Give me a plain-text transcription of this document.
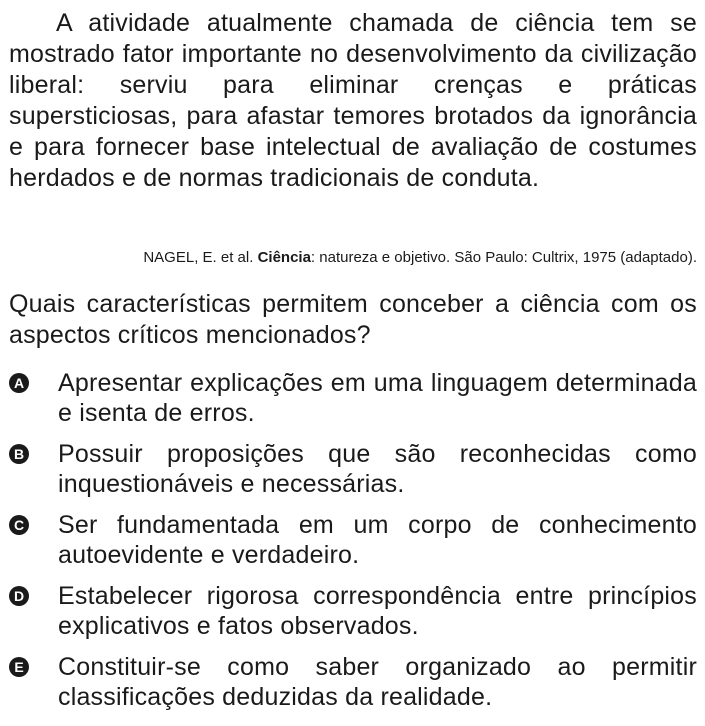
A atividade atualmente chamada de ciência tem se mostrado fator importante no desenvolvimento da civilização liberal: serviu para eliminar crenças e práticas supersticiosas, para afastar temores brotados da ignorância e para fornecer base intelectual de avaliação de costumes herdados e de normas tradicionais de conduta.

NAGEL, E. et al. Ciência: natureza e objetivo. São Paulo: Cultrix, 1975 (adaptado).

Quais características permitem conceber a ciência com os aspectos críticos mencionados?

A Apresentar explicações em uma linguagem determinada e isenta de erros.
B Possuir proposições que são reconhecidas como inquestionáveis e necessárias.
C Ser fundamentada em um corpo de conhecimento autoevidente e verdadeiro.
D Estabelecer rigorosa correspondência entre princípios explicativos e fatos observados.
E Constituir-se como saber organizado ao permitir classificações deduzidas da realidade.
